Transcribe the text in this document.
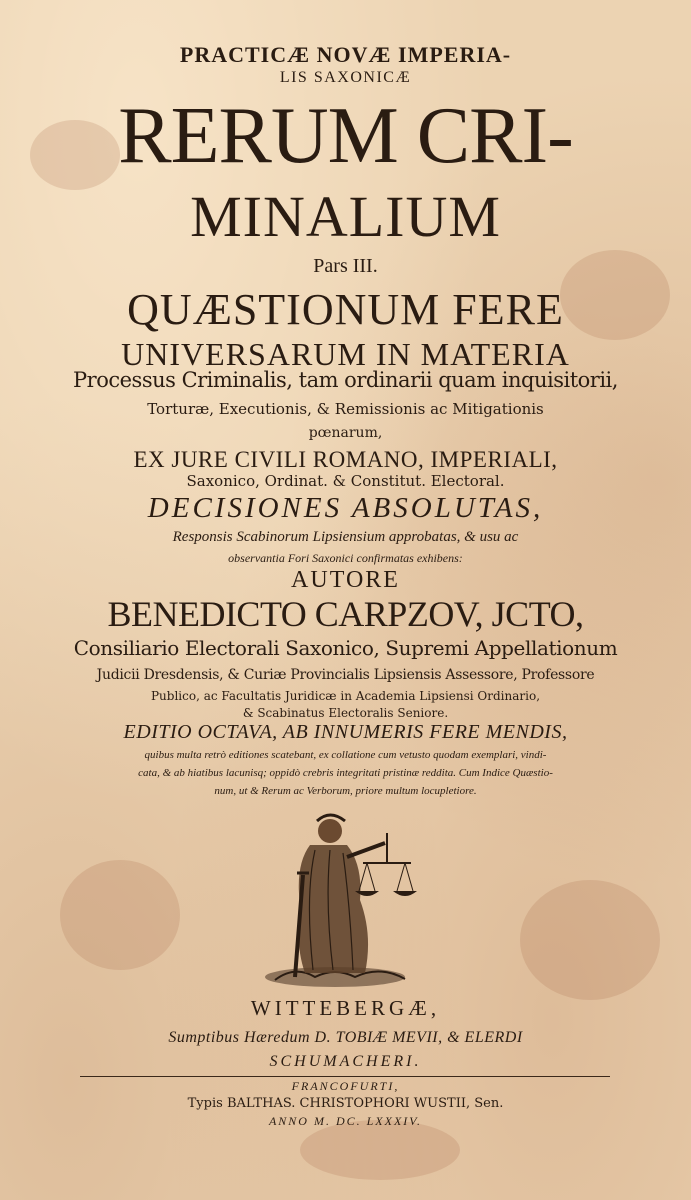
PRACTICÆ NOVÆ IMPERIA-
LIS SAXONICÆ
RERUM CRI-
MINALIUM
Pars III.
QUÆSTIONUM FERE
UNIVERSARUM IN MATERIA
Processus Criminalis, tam ordinarii quam inquisitorii,
Torturæ, Executionis, & Remissionis ac Mitigationis
pœnarum,
EX JURE CIVILI ROMANO, IMPERIALI,
Saxonico, Ordinat. & Constitut. Electoral.
DECISIONES ABSOLUTAS,
Responsis Scabinorum Lipsiensium approbatas, & usu ac
observantia Fori Saxonici confirmatas exhibens:
AUTORE
BENEDICTO CARPZOV, JCTO,
Consiliario Electorali Saxonico, Supremi Appellationum
Judicii Dresdensis, & Curiæ Provincialis Lipsiensis Assessore, Professore
Publico, ac Facultatis Juridicæ in Academia Lipsiensi Ordinario,
& Scabinatus Electoralis Seniore.
EDITIO OCTAVA, AB INNUMERIS FERE MENDIS,
quibus multa retrò editiones scatebant, ex collatione cum vetusto quodam exemplari, vindi-
cata, & ab hiatibus lacunisq; oppidò crebris integritati pristinæ reddita. Cum Indice Quæstio-
num, ut & Rerum ac Verborum, priore multum locupletiore.
WITTEBERGÆ,
Sumptibus Hæredum D. TOBIÆ MEVII, & ELERDI
SCHUMACHERI.
FRANCOFURTI,
Typis BALTHAS. CHRISTOPHORI WUSTII, Sen.
ANNO M. DC. LXXXIV.
